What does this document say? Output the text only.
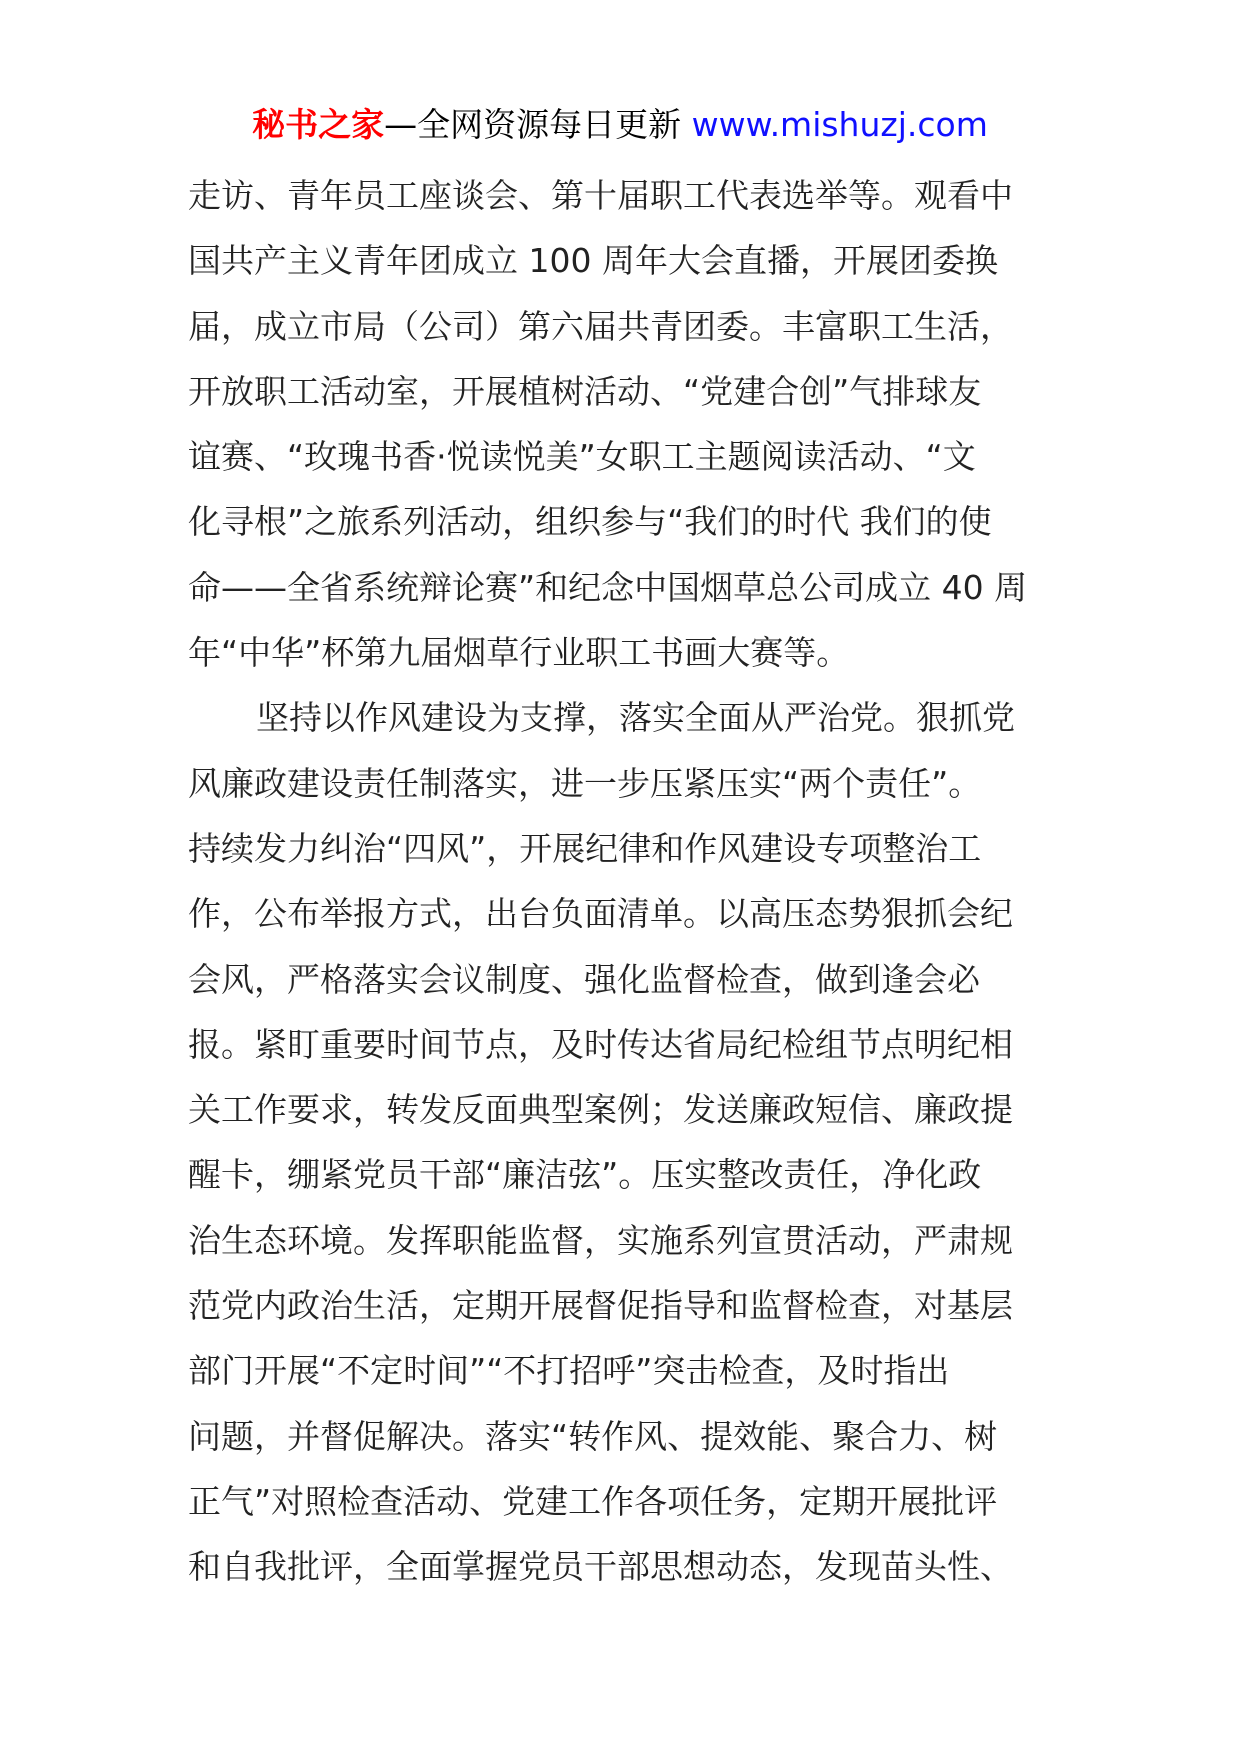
秘书之家—全网资源每日更新 www.mishuzj.com
走访、青年员工座谈会、第十届职工代表选举等。观看中
国共产主义青年团成立 100 周年大会直播，开展团委换
届，成立市局（公司）第六届共青团委。丰富职工生活，
开放职工活动室，开展植树活动、“党建合创”气排球友
谊赛、“玫瑰书香·悦读悦美”女职工主题阅读活动、“文
化寻根”之旅系列活动，组织参与“我们的时代 我们的使
命——全省系统辩论赛”和纪念中国烟草总公司成立 40 周
年“中华”杯第九届烟草行业职工书画大赛等。
坚持以作风建设为支撑，落实全面从严治党。狠抓党
风廉政建设责任制落实，进一步压紧压实“两个责任”。
持续发力纠治“四风”，开展纪律和作风建设专项整治工
作，公布举报方式，出台负面清单。以高压态势狠抓会纪
会风，严格落实会议制度、强化监督检查，做到逢会必
报。紧盯重要时间节点，及时传达省局纪检组节点明纪相
关工作要求，转发反面典型案例；发送廉政短信、廉政提
醒卡，绷紧党员干部“廉洁弦”。压实整改责任，净化政
治生态环境。发挥职能监督，实施系列宣贯活动，严肃规
范党内政治生活，定期开展督促指导和监督检查，对基层
部门开展“不定时间”“不打招呼”突击检查，及时指出
问题，并督促解决。落实“转作风、提效能、聚合力、树
正气”对照检查活动、党建工作各项任务，定期开展批评
和自我批评，全面掌握党员干部思想动态，发现苗头性、
